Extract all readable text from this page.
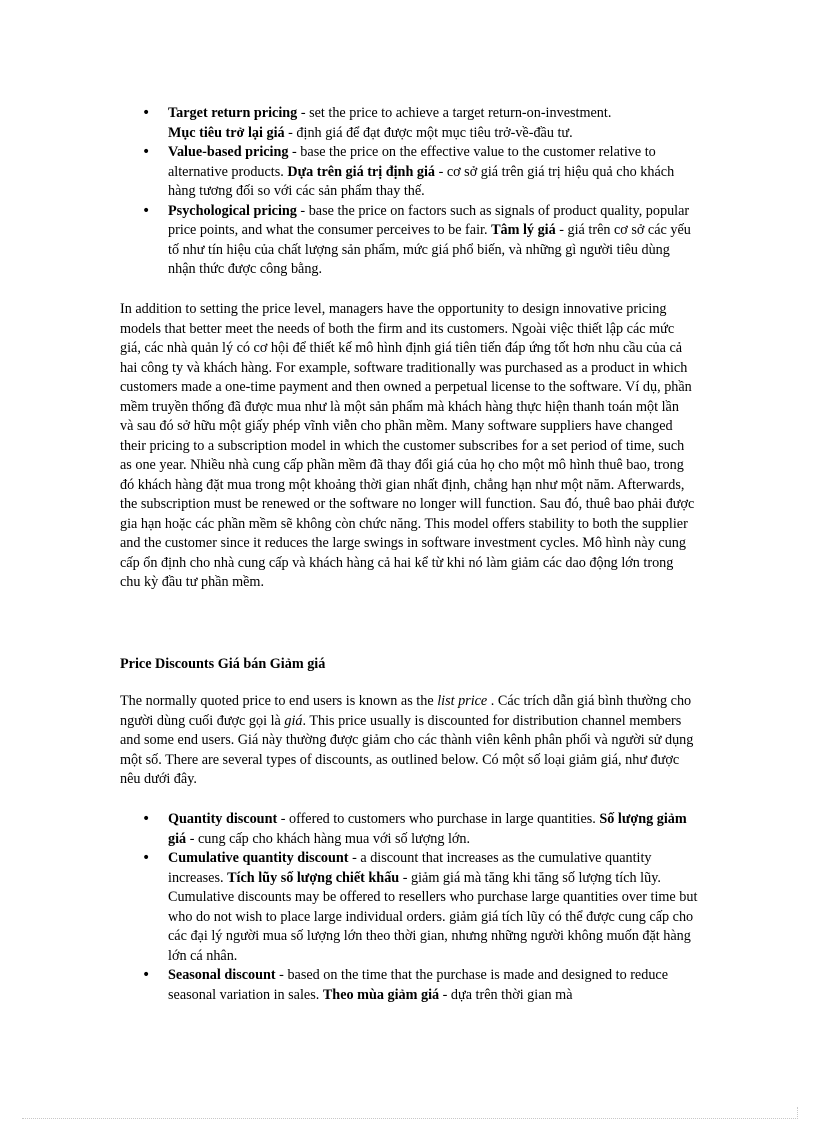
• Target return pricing - set the price to achieve a target return-on-investment.
Mục tiêu trở lại giá - định giá để đạt được một mục tiêu trở-về-đầu tư.
• Value-based pricing - base the price on the effective value to the customer relative to alternative products. Dựa trên giá trị định giá - cơ sở giá trên giá trị hiệu quả cho khách hàng tương đối so với các sản phẩm thay thế.
• Psychological pricing - base the price on factors such as signals of product quality, popular price points, and what the consumer perceives to be fair. Tâm lý giá - giá trên cơ sở các yếu tố như tín hiệu của chất lượng sản phẩm, mức giá phổ biến, và những gì người tiêu dùng nhận thức được công bằng.

In addition to setting the price level, managers have the opportunity to design innovative pricing models that better meet the needs of both the firm and its customers. Ngoài việc thiết lập các mức giá, các nhà quản lý có cơ hội để thiết kế mô hình định giá tiên tiến đáp ứng tốt hơn nhu cầu của cả hai công ty và khách hàng. For example, software traditionally was purchased as a product in which customers made a one-time payment and then owned a perpetual license to the software. Ví dụ, phần mềm truyền thống đã được mua như là một sản phẩm mà khách hàng thực hiện thanh toán một lần và sau đó sở hữu một giấy phép vĩnh viễn cho phần mềm. Many software suppliers have changed their pricing to a subscription model in which the customer subscribes for a set period of time, such as one year. Nhiều nhà cung cấp phần mềm đã thay đổi giá của họ cho một mô hình thuê bao, trong đó khách hàng đặt mua trong một khoảng thời gian nhất định, chẳng hạn như một năm. Afterwards, the subscription must be renewed or the software no longer will function. Sau đó, thuê bao phải được gia hạn hoặc các phần mềm sẽ không còn chức năng. This model offers stability to both the supplier and the customer since it reduces the large swings in software investment cycles. Mô hình này cung cấp ổn định cho nhà cung cấp và khách hàng cả hai kể từ khi nó làm giảm các dao động lớn trong chu kỳ đầu tư phần mềm.

Price Discounts Giá bán Giảm giá

The normally quoted price to end users is known as the list price . Các trích dẫn giá bình thường cho người dùng cuối được gọi là giá. This price usually is discounted for distribution channel members and some end users. Giá này thường được giảm cho các thành viên kênh phân phối và người sử dụng một số. There are several types of discounts, as outlined below. Có một số loại giảm giá, như được nêu dưới đây.

• Quantity discount - offered to customers who purchase in large quantities. Số lượng giảm giá - cung cấp cho khách hàng mua với số lượng lớn.
• Cumulative quantity discount - a discount that increases as the cumulative quantity increases. Tích lũy số lượng chiết khấu - giảm giá mà tăng khi tăng số lượng tích lũy. Cumulative discounts may be offered to resellers who purchase large quantities over time but who do not wish to place large individual orders. giảm giá tích lũy có thể được cung cấp cho các đại lý người mua số lượng lớn theo thời gian, nhưng những người không muốn đặt hàng lớn cá nhân.
• Seasonal discount - based on the time that the purchase is made and designed to reduce seasonal variation in sales. Theo mùa giảm giá - dựa trên thời gian mà
